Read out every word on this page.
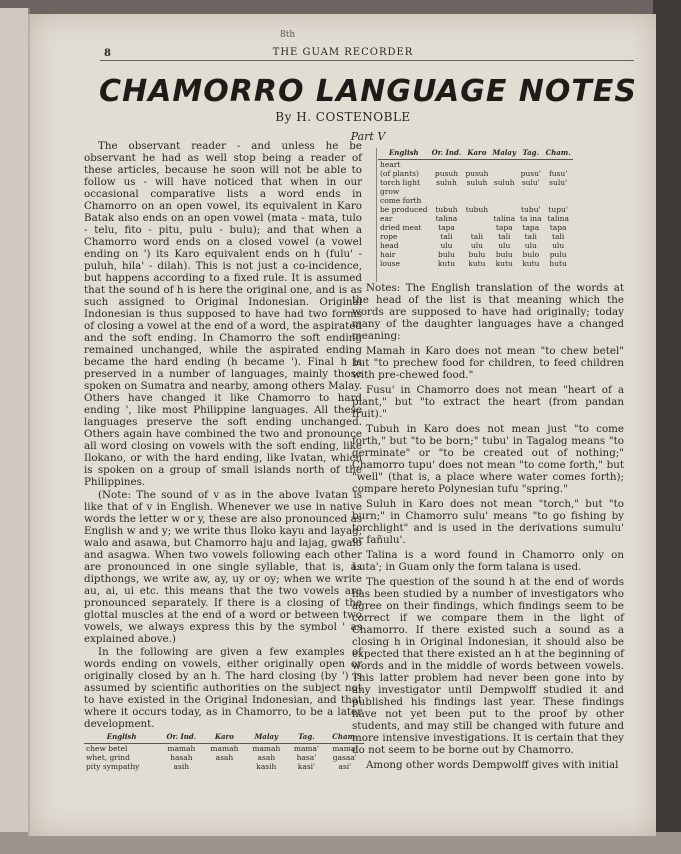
8th
8	THE GUAM RECORDER
CHAMORRO LANGUAGE NOTES
By H. COSTENOBLE
Part V

The observant reader - and unless he be observant he had as well stop being a reader of these articles, because he soon will not be able to follow us - will have noticed that when in our occasional comparative lists a word ends in Chamorro on an open vowel, its equivalent in Karo Batak also ends on an open vowel (mata - mata, tulo - telu, fito - pitu, pulu - bulu); and that when a Chamorro word ends on a closed vowel (a vowel ending on ') its Karo equivalent ends on h (fulu' - puluh, hila' - dilah). This is not just a co-incidence, but happens according to a fixed rule. It is assumed that the sound of h is here the original one, and is as such assigned to Original Indonesian. Original Indonesian is thus supposed to have had two forms of closing a vowel at the end of a word, the aspirated and the soft ending. In Chamorro the soft ending remained unchanged, while the aspirated ending became the hard ending (h became '). Final h is preserved in a number of languages, mainly those spoken on Sumatra and nearby, among others Malay. Others have changed it like Chamorro to hard ending ', like most Philippine languages. All these languages preserve the soft ending unchanged. Others again have combined the two and pronounce all word closing on vowels with the soft ending, like Ilokano, or with the hard ending, like Ivatan, which is spoken on a group of small islands north of the Philippines.

(Note: The sound of v as in the above Ivatan is like that of v in English. Whenever we use in native words the letter w or y, these are also pronounced as English w and y; we write thus Iloko kayu and layag, walo and asawa, but Chamorro haju and lajag, gwalo and asagwa. When two vowels following each other are pronounced in one single syllable, that is, as dipthongs, we write aw, ay, uy or oy; when we write au, ai, ui etc. this means that the two vowels are pronounced separately. If there is a closing of the glottal muscles at the end of a word or between two vowels, we always express this by the symbol ' as explained above.)

In the following are given a few examples of words ending on vowels, either originally open or originally closed by an h. The hard closing (by ') is assumed by scientific authorities on the subject not to have existed in the Original Indonesian, and that where it occurs today, as in Chamorro, to be a later development.

English	Or. Ind.	Karo	Malay	Tag.	Cham.
heart					
(of plants)	pusuh	pusuh		pusu'	fusu'
torch light	suluh	suluh	suluh	sulu'	sulu'
grow					
come forth					
be produced	tubuh	tubuh		tubu'	tupu'
ear	talina		talina	ta ina	talina
dried meat	tapa		tapa	tapa	tapa
rope	tali	tali	tali	tali	tali
head	ulu	ulu	ulu	ulu	ulu
hair	bulu	bulu	bulu	bulo	pulu
louse	kutu	kutu	kutu	kutu	hutu

Notes: The English translation of the words at the head of the list is that meaning which the words are supposed to have had originally; today many of the daughter languages have a changed meaning:

Mamah in Karo does not mean "to chew betel" but "to prechew food for children, to feed children with pre-chewed food."

Fusu' in Chamorro does not mean "heart of a plant," but "to extract the heart (from pandan fruit)."

Tubuh in Karo does not mean just "to come forth," but "to be born;" tubu' in Tagalog means "to germinate" or "to be created out of nothing;" Chamorro tupu' does not mean "to come forth," but "well" (that is, a place where water comes forth); compare hereto Polynesian tufu "spring."

Suluh in Karo does not mean "torch," but "to burn;" in Chamorro sulu' means "to go fishing by torchlight" and is used in the derivations sumulu' or fañulu'.

Talina is a word found in Chamorro only on Luta'; in Guam only the form talana is used.

The question of the sound h at the end of words has been studied by a number of investigators who agree on their findings, which findings seem to be correct if we compare them in the light of Chamorro. If there existed such a sound as a closing h in Original Indonesian, it should also be expected that there existed an h at the beginning of words and in the middle of words between vowels. This latter problem had never been gone into by any investigator until Dempwolff studied it and published his findings last year. These findings have not yet been put to the proof by other students, and may still be changed with future and more intensive investigations. It is certain that they do not seem to be borne out by Chamorro.

Among other words Dempwolff gives with initial

English	Or. Ind.	Karo	Malay	Tag.	Cham.
chew betel	mamah	mamah	mamah	mama'	mama'
whet, grind	hasah	asah	asah	hasa'	gasaa'
pity sympathy	asih		kasih	kasi'	asi'
